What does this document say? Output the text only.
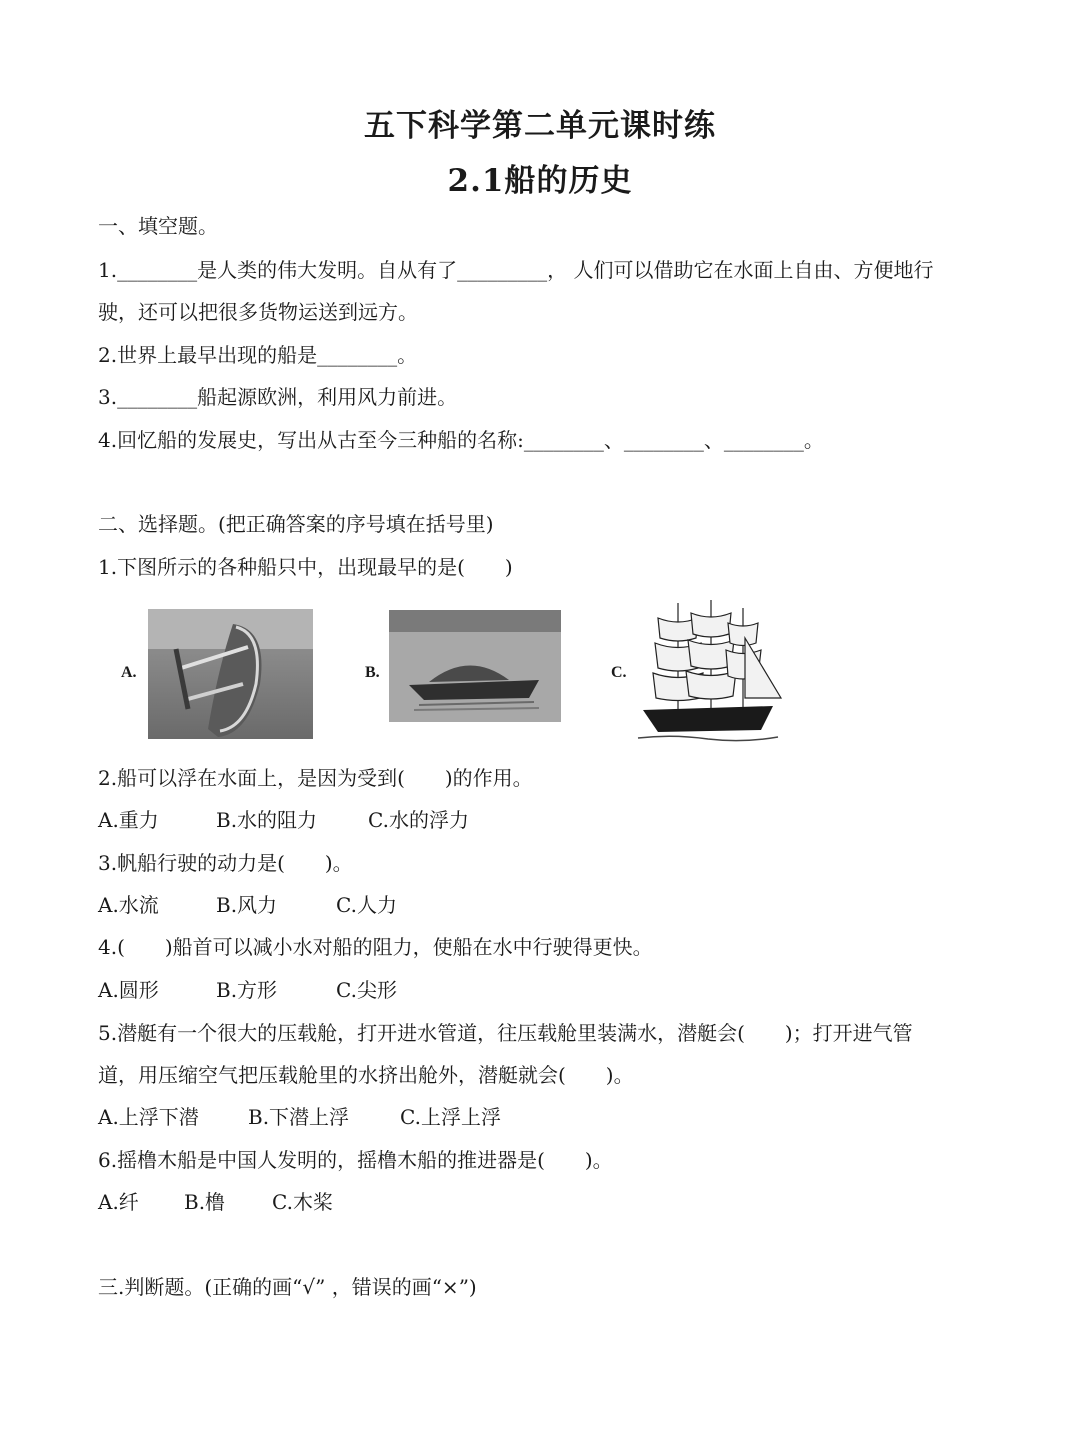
五下科学第二单元课时练
2.1船的历史
一、填空题。
1.________是人类的伟大发明。自从有了_________， 人们可以借助它在水面上自由、方便地行
驶，还可以把很多货物运送到远方。
2.世界上最早出现的船是________。
3.________船起源欧洲，利用风力前进。
4.回忆船的发展史，写出从古至今三种船的名称:________、________、________。
二、选择题。(把正确答案的序号填在括号里)
1.下图所示的各种船只中，出现最早的是(　　)
A.	B.	C.
2.船可以浮在水面上，是因为受到(　　)的作用。
A.重力	B.水的阻力	C.水的浮力
3.帆船行驶的动力是(　　)。
A.水流	B.风力	C.人力
4.(　　)船首可以减小水对船的阻力，使船在水中行驶得更快。
A.圆形	B.方形	C.尖形
5.潜艇有一个很大的压载舱，打开进水管道，往压载舱里装满水，潜艇会(　　)；打开进气管
道，用压缩空气把压载舱里的水挤出舱外，潜艇就会(　　)。
A.上浮下潜 B.下潜上浮	C.上浮上浮
6.摇橹木船是中国人发明的，摇橹木船的推进器是(　　)。
A.纤 B.橹 C.木桨
三.判断题。(正确的画“√” ，错误的画“×”)
